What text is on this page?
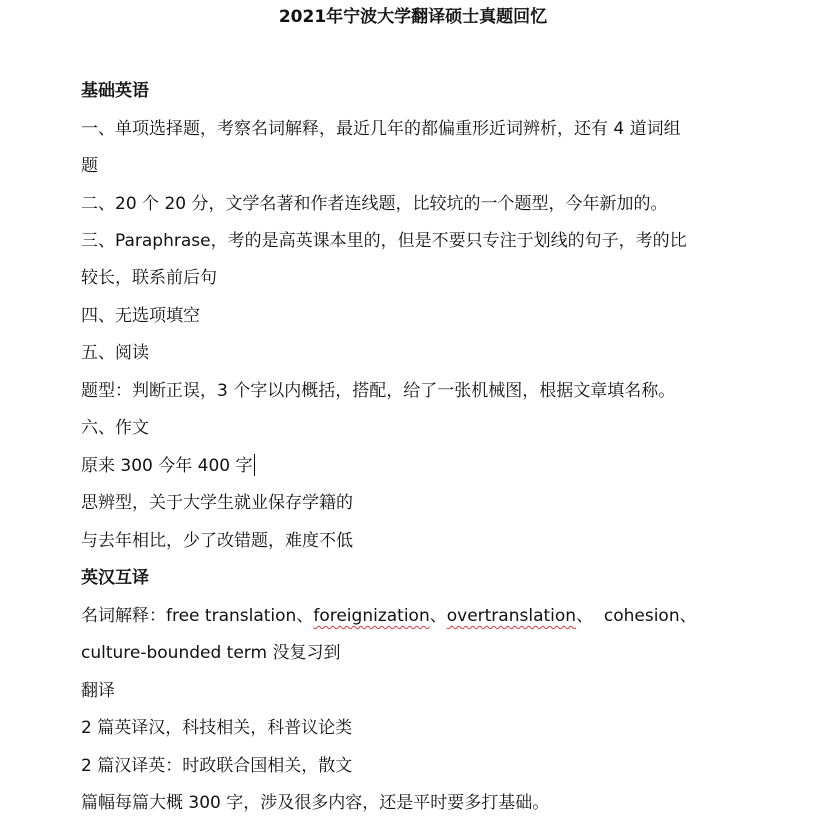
2021年宁波大学翻译硕士真题回忆
基础英语
一、单项选择题，考察名词解释，最近几年的都偏重形近词辨析，还有 4 道词组
题
二、20 个 20 分，文学名著和作者连线题，比较坑的一个题型，今年新加的。
三、Paraphrase，考的是高英课本里的，但是不要只专注于划线的句子，考的比
较长，联系前后句
四、无选项填空
五、阅读
题型：判断正误，3 个字以内概括，搭配，给了一张机械图，根据文章填名称。
六、作文
原来 300 今年 400 字
思辨型，关于大学生就业保存学籍的
与去年相比，少了改错题，难度不低
英汉互译
名词解释：free translation、foreignization、overtranslation、  cohesion、
culture-bounded term 没复习到
翻译
2 篇英译汉，科技相关，科普议论类
2 篇汉译英：时政联合国相关，散文
篇幅每篇大概 300 字，涉及很多内容，还是平时要多打基础。
